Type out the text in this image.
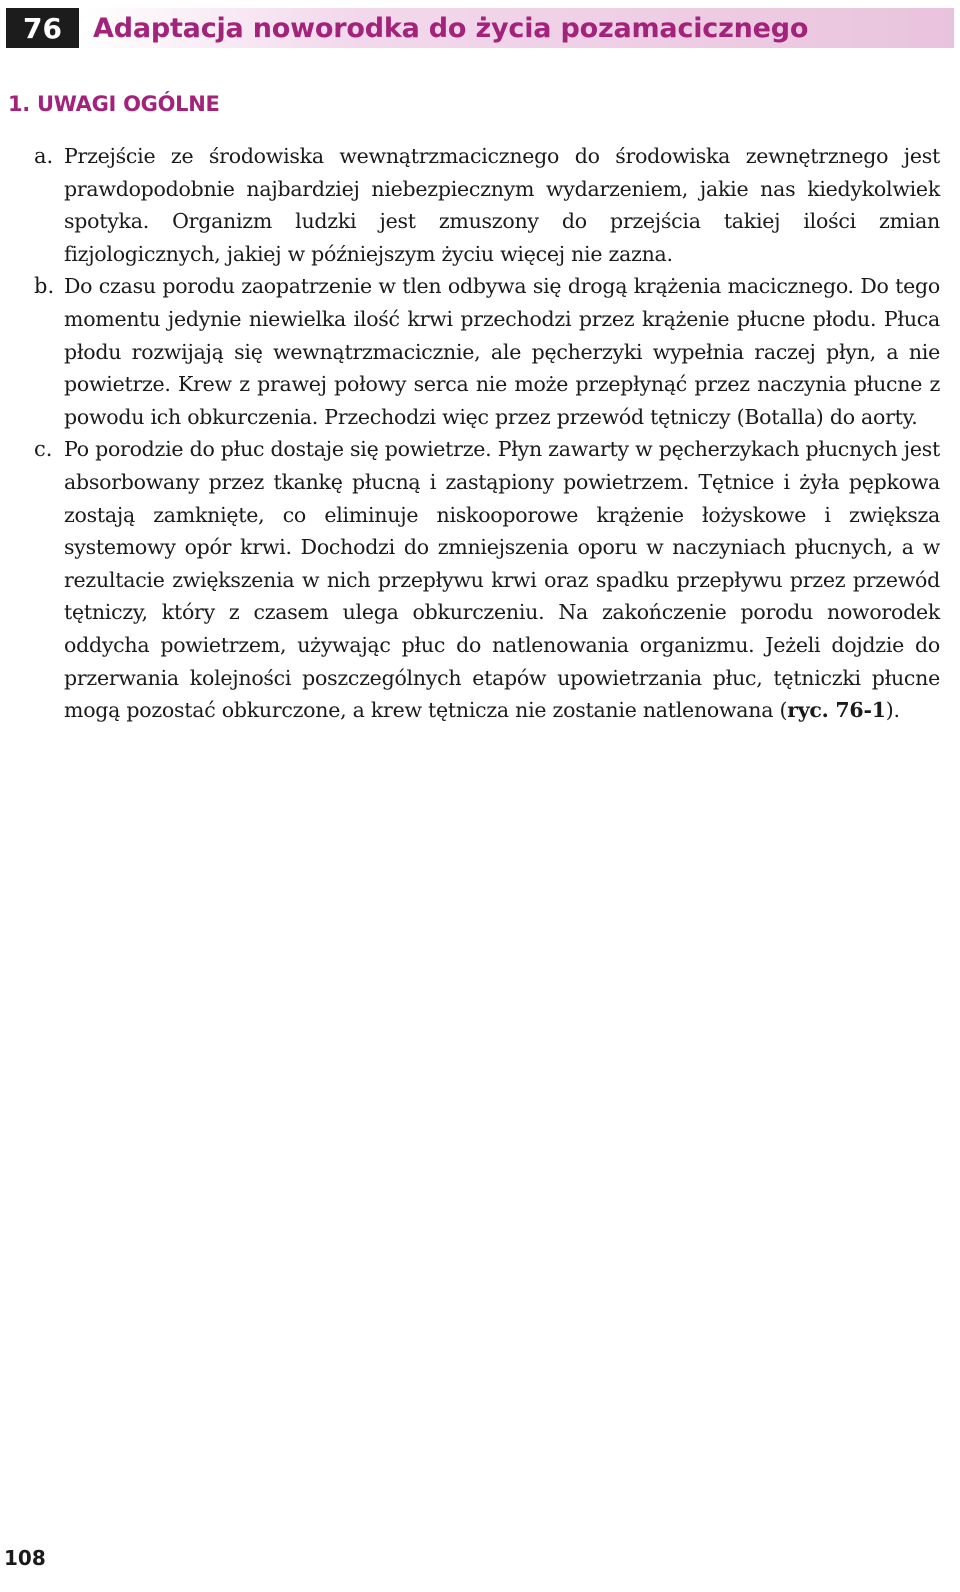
76	Adaptacja noworodka do życia pozamacicznego
1. UWAGI OGÓLNE
a. Przejście ze środowiska wewnątrzmacicznego do środowiska zewnętrznego jest prawdopodobnie najbardziej niebezpiecznym wydarzeniem, jakie nas kiedykolwiek spotyka. Organizm ludzki jest zmuszony do przejścia takiej ilości zmian fizjologicznych, jakiej w późniejszym życiu więcej nie zazna.

b. Do czasu porodu zaopatrzenie w tlen odbywa się drogą krążenia macicznego. Do tego momentu jedynie niewielka ilość krwi przechodzi przez krążenie płucne płodu. Płuca płodu rozwijają się wewnątrzmacicznie, ale pęcherzyki wypełnia raczej płyn, a nie powietrze. Krew z prawej połowy serca nie może przepłynąć przez naczynia płucne z powodu ich obkurczenia. Przechodzi więc przez przewód tętniczy (Botalla) do aorty.

c. Po porodzie do płuc dostaje się powietrze. Płyn zawarty w pęcherzykach płucnych jest absorbowany przez tkankę płucną i zastąpiony powietrzem. Tętnice i żyła pępkowa zostają zamknięte, co eliminuje niskooporowe krążenie łożyskowe i zwiększa systemowy opór krwi. Dochodzi do zmniejszenia oporu w naczyniach płucnych, a w rezultacie zwiększenia w nich przepływu krwi oraz spadku przepływu przez przewód tętniczy, który z czasem ulega obkurczeniu. Na zakończenie porodu noworodek oddycha powietrzem, używając płuc do natlenowania organizmu. Jeżeli dojdzie do przerwania kolejności poszczególnych etapów upowietrzania płuc, tętniczki płucne mogą pozostać obkurczone, a krew tętnicza nie zostanie natlenowana (ryc. 76-1).

108
